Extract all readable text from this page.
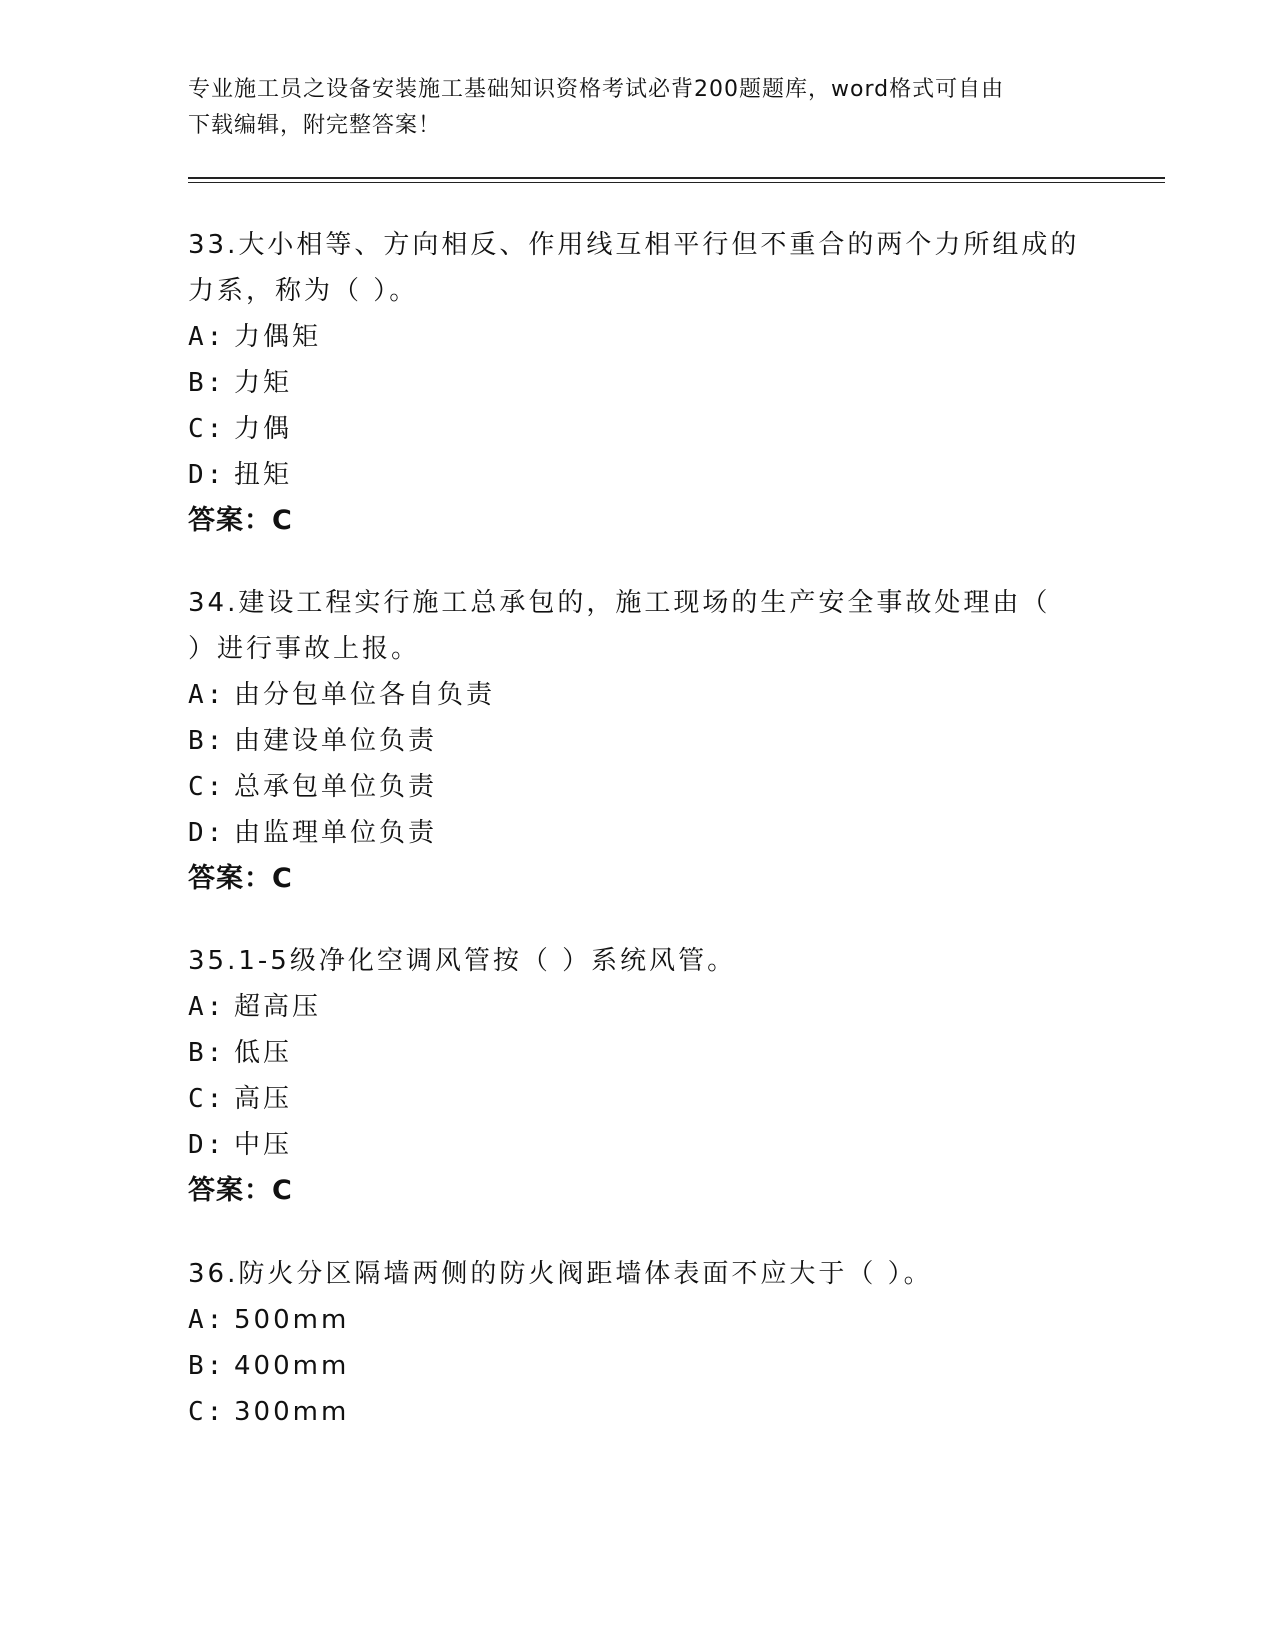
专业施工员之设备安装施工基础知识资格考试必背200题题库，word格式可自由
下载编辑，附完整答案！
33.大小相等、方向相反、作用线互相平行但不重合的两个力所组成的
力系，称为（ ）。
A: 力偶矩
B: 力矩
C: 力偶
D: 扭矩
答案：C
34.建设工程实行施工总承包的，施工现场的生产安全事故处理由（
）进行事故上报。
A: 由分包单位各自负责
B: 由建设单位负责
C: 总承包单位负责
D: 由监理单位负责
答案：C
35.1-5级净化空调风管按（ ）系统风管。
A: 超高压
B: 低压
C: 高压
D: 中压
答案：C
36.防火分区隔墙两侧的防火阀距墙体表面不应大于（ ）。
A: 500mm
B: 400mm
C: 300mm
